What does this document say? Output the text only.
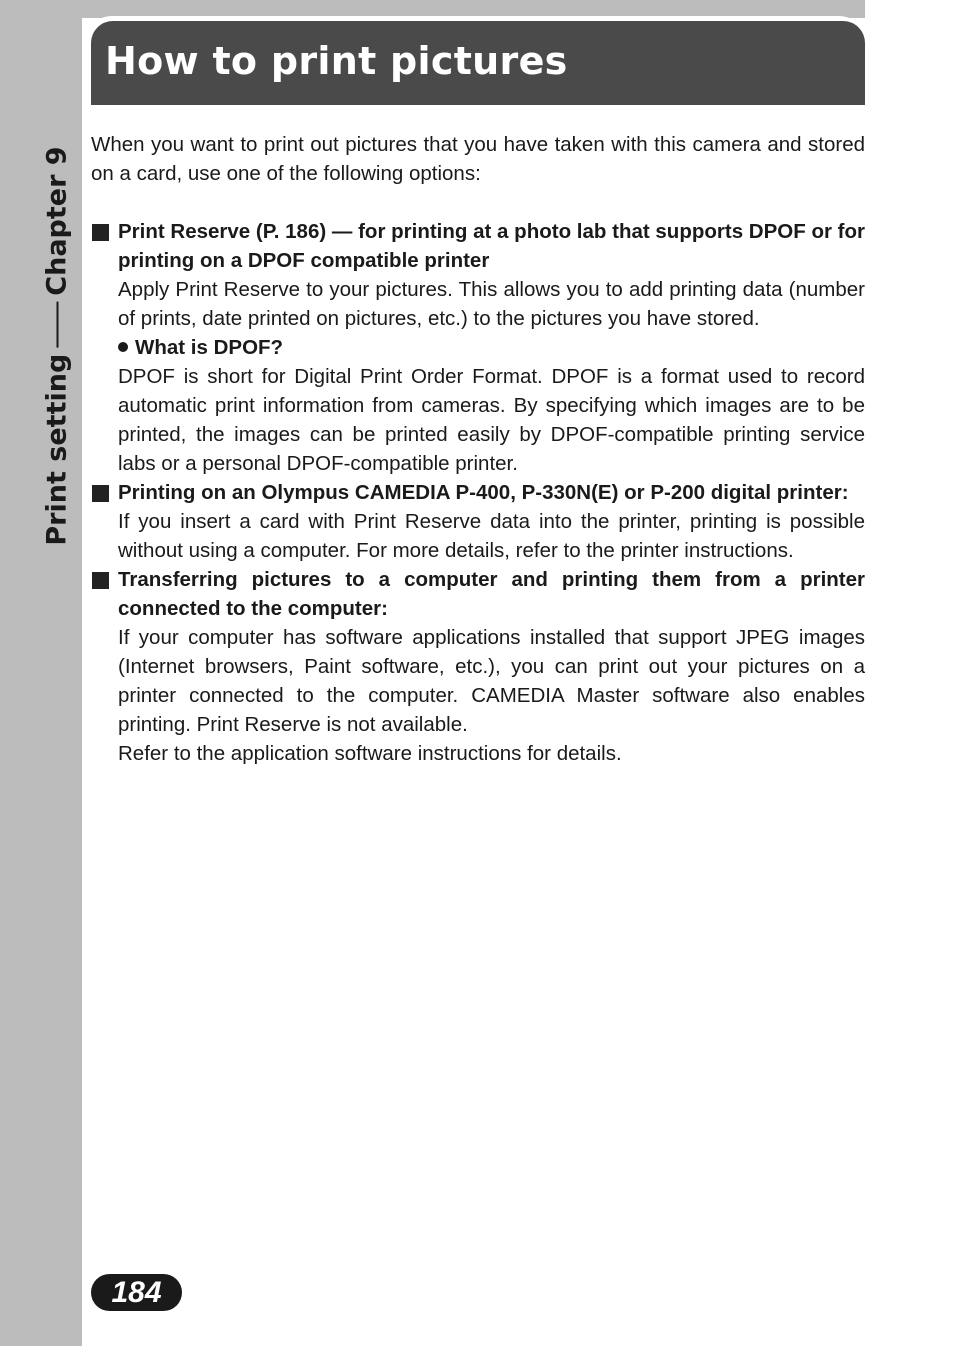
Print setting
Chapter 9
How to print pictures

When you want to print out pictures that you have taken with this camera and stored on a card, use one of the following options:

Print Reserve (P. 186) — for printing at a photo lab that supports DPOF or for printing on a DPOF compatible printer

Apply Print Reserve to your pictures. This allows you to add printing data (number of prints, date printed on pictures, etc.) to the pictures you have stored.

What is DPOF?

DPOF is short for Digital Print Order Format. DPOF is a format used to record automatic print information from cameras. By specifying which images are to be printed, the images can be printed easily by DPOF-compatible printing service labs or a personal DPOF-compatible printer.

Printing on an Olympus CAMEDIA P-400, P-330N(E) or P-200 digital printer:

If you insert a card with Print Reserve data into the printer, printing is possible without using a computer. For more details, refer to the printer instructions.

Transferring pictures to a computer and printing them from a printer connected to the computer:

If your computer has software applications installed that support JPEG images (Internet browsers, Paint software, etc.), you can print out your pictures on a printer connected to the computer. CAMEDIA Master software also enables printing. Print Reserve is not available.

Refer to the application software instructions for details.

184
